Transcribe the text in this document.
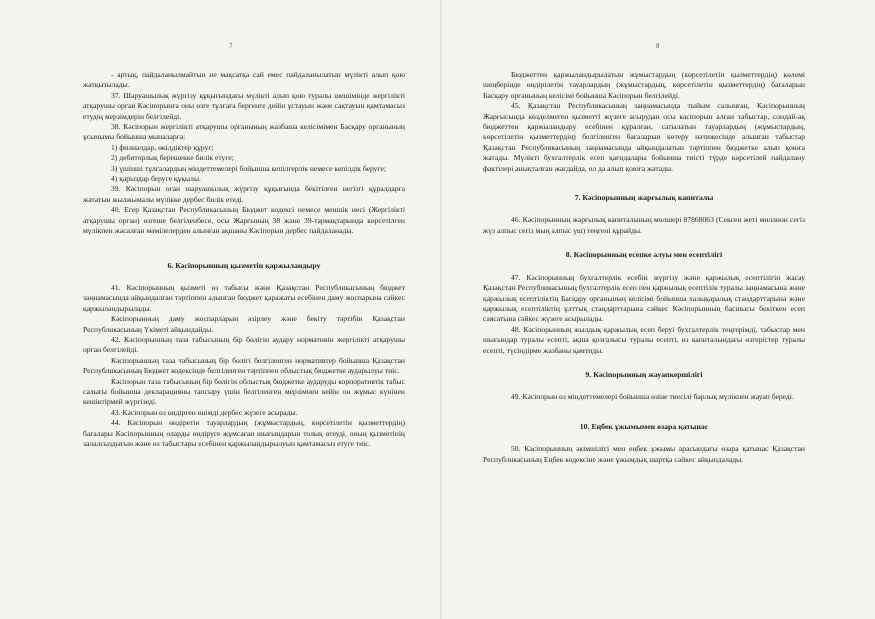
7	8

- артық, пайдаланылмайтын не мақсатқа сай емес пайдаланылатын мүлікті алып қою жатқызылады.

37. Шаруашылық жүргізу құқығындағы мүлікті алып қою туралы шешімінде жергілікті атқарушы орган Кәсіпорынға оны өзге тұлғаға бергенге дейін ұстауын және сақтауын қамтамасыз етудің мерзімдерін белгілейді.

38. Кәсіпорын жергілікті атқарушы органының жазбаша келісімімен Басқару органының ұсынымы бойынша мыналарға:

1) филиалдар, өкілдіктер құруғ;

2) дебиторлық берешекке билік етуге;

3) үшінші тұлғалардың міндеттемелері бойынша кепілгерлік немесе кепілдік беруге;

4) қарыздар беруге құқылы.

39. Кәсіпорын оған шаруашылық жүргізу құқығында бекітілген негізгі құралдарға жататын жылжымалы мүлікке дербес билік етеді.

40. Егер Қазақстан Республикасының Бюджет кодексі немесе меншік иесі (Жергілікті атқарушы орган) өзгеше белгіленбесе, осы Жарғының 38 және 39-тармақтарында көрсетілген мүлікпен жасалған мәмілелерден алынған ақшаны Кәсіпорын дербес пайдаланады.

6. Кәсіпорынның қызметін қаржыландыру

41. Кәсіпорынның қызметі өз табысы және Қазақстан Республикасының бюджет заңнамасында айқындалған тәртіппен алынған бюджет қаражаты есебінен даму жоспарына сәйкес қаржыландырылады.

Кәсіпорынның даму жоспарларын әзірлеу және бекіту тәртібін Қазақстан Республикасының Үкіметі айқындайды.

42. Кәсіпорынның таза табысының бір бөлігін аудару нормативін жергілікті атқарушы орган белгілейді.

Кәсіпорынның таза табысының бір бөлігі белгіленген нормативтер бойынша Қазақстан Республикасының Бюджет кодексінде белгіленген тәртіппен облыстық бюджетке аударылуы тиіс.

Кәсіпорын таза табысының бір бөлігін облыстық бюджетке аударуды корпоративтік табыс салығы бойынша декларацияны тапсыру үшін белгіленген мерзімнен кейін он жұмыс күнінен кешіктірмей жүргізеді.

43. Кәсіпорын өз өндірген өнімді дербес жүзеге асырады.

44. Кәсіпорын өндіретін тауарлардың (жұмыстардың, көрсетілетін қызметтердің) бағалары Кәсіпорынның оларды өндіруге жұмсаған шығындарын толық өтеуді, оның қызметінің залалсыздығын және өз табыстары есебінен қаржыландырылуын қамтамасыз етуге тиіс.

Бюджеттен қаржыландырылатын жұмыстардың (көрсетілетін қызметтердің) көлемі шеңберінде өндірілетін тауарлардың (жұмыстардың, көрсетілетін қызметтердің) бағаларын Басқару органының келісімі бойынша Кәсіпорын белгілейді.

45. Қазақстан Республикасының заңнамасында тыйым салынған, Кәсіпорынның Жарғысында көзделмеген қызметті жүзеге асырудан осы кәсіпорын алған табыстар, сондай-ақ бюджеттен қаржыландыру есебінен құралған, сатылатын тауарлардың (жұмыстардың, көрсетілетін қызметтердің) белгіленген бағаларын көтеру нәтижесінде алынған табыстар Қазақстан Республикасының заңнамасында айқындалатын тәртіппен бюджетке алып қоюға жатады. Мүлікті бухгалтерлік есеп қағидалары бойынша тиісті түрде көрсетілей пайдалану фактілері анықталған жағдайда, ол да алып қоюға жатады.

7. Кәсіпорынның жарғылық капиталы

46. Кәсіпорынның жарғылық капиталының мөлшері 87868063 (Сексен жеті миллион сегіз жүз алпыс сегіз мың алпыс үш) теңгені құрайды.

8. Кәсіпорынның есепке алуы мен есептілігі

47. Кәсіпорынның бухгалтерлік есебін жүргізу және қаржылық есептілігін жасау Қазақстан Республикасының бухгалтерлік есеп пен қаржылық есептілік туралы заңнамасына және қаржылық есептіліктің Басқару органының келісімі бойынша халықаралық стандарттарына және қаржылық есептіліктің ұлттық стандарттарына сәйкес Кәсіпорынның басшысы бекіткен есеп саясатына сәйкес жүзеге асырылады.

48. Кәсіпорынның жылдық қаржылық есеп беруі бухгалтерлік теңгерімді, табыстар мен шығындар туралы есепті, ақша қозғалысы туралы есепті, өз капиталындағы өзгерістер туралы есепті, түсіндірме жазбаны қамтиды.

9. Кәсіпорынның жауапкершілігі

49. Кәсіпорын өз міндеттемелері бойынша өзіне тиесілі барлық мүлікпен жауап береді.

10. Еңбек ұжымымен өзара қатынас

50. Кәсіпорынның әкімшілігі мен еңбек ұжымы арасындағы өзара қатынас Қазақстан Республикасының Еңбек кодексіне және ұжымдық шартқа сәйкес айқындалады.
